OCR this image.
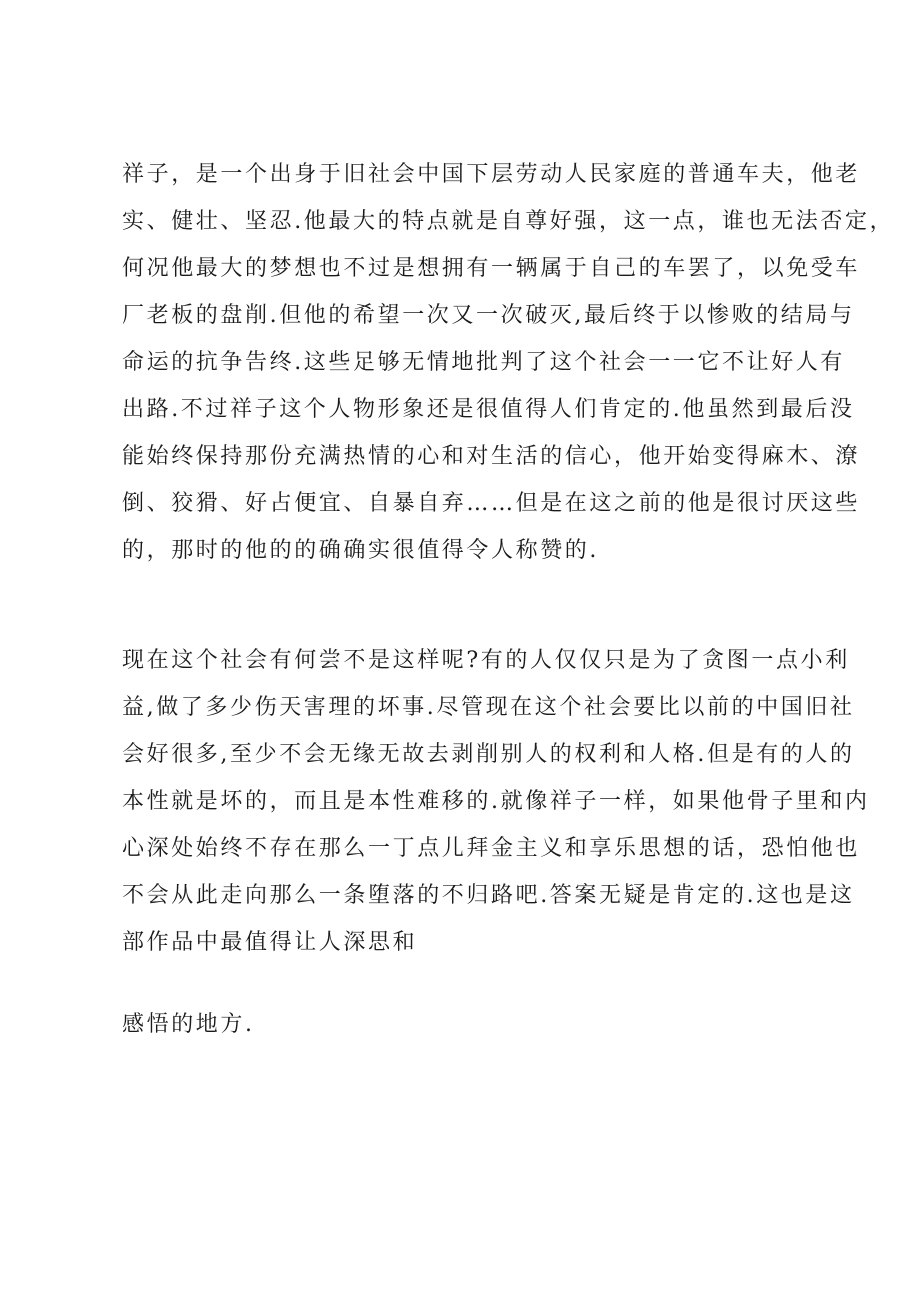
祥子，是一个出身于旧社会中国下层劳动人民家庭的普通车夫，他老

实、健壮、坚忍.他最大的特点就是自尊好强，这一点，谁也无法否定，

何况他最大的梦想也不过是想拥有一辆属于自己的车罢了，以免受车

厂老板的盘削.但他的希望一次又一次破灭,最后终于以惨败的结局与

命运的抗争告终.这些足够无情地批判了这个社会一一它不让好人有

出路.不过祥子这个人物形象还是很值得人们肯定的.他虽然到最后没

能始终保持那份充满热情的心和对生活的信心，他开始变得麻木、潦

倒、狡猾、好占便宜、自暴自弃……但是在这之前的他是很讨厌这些

的，那时的他的的确确实很值得令人称赞的.

现在这个社会有何尝不是这样呢?有的人仅仅只是为了贪图一点小利

益,做了多少伤天害理的坏事.尽管现在这个社会要比以前的中国旧社

会好很多,至少不会无缘无故去剥削别人的权利和人格.但是有的人的

本性就是坏的，而且是本性难移的.就像祥子一样，如果他骨子里和内

心深处始终不存在那么一丁点儿拜金主义和享乐思想的话，恐怕他也

不会从此走向那么一条堕落的不归路吧.答案无疑是肯定的.这也是这

部作品中最值得让人深思和

感悟的地方.
